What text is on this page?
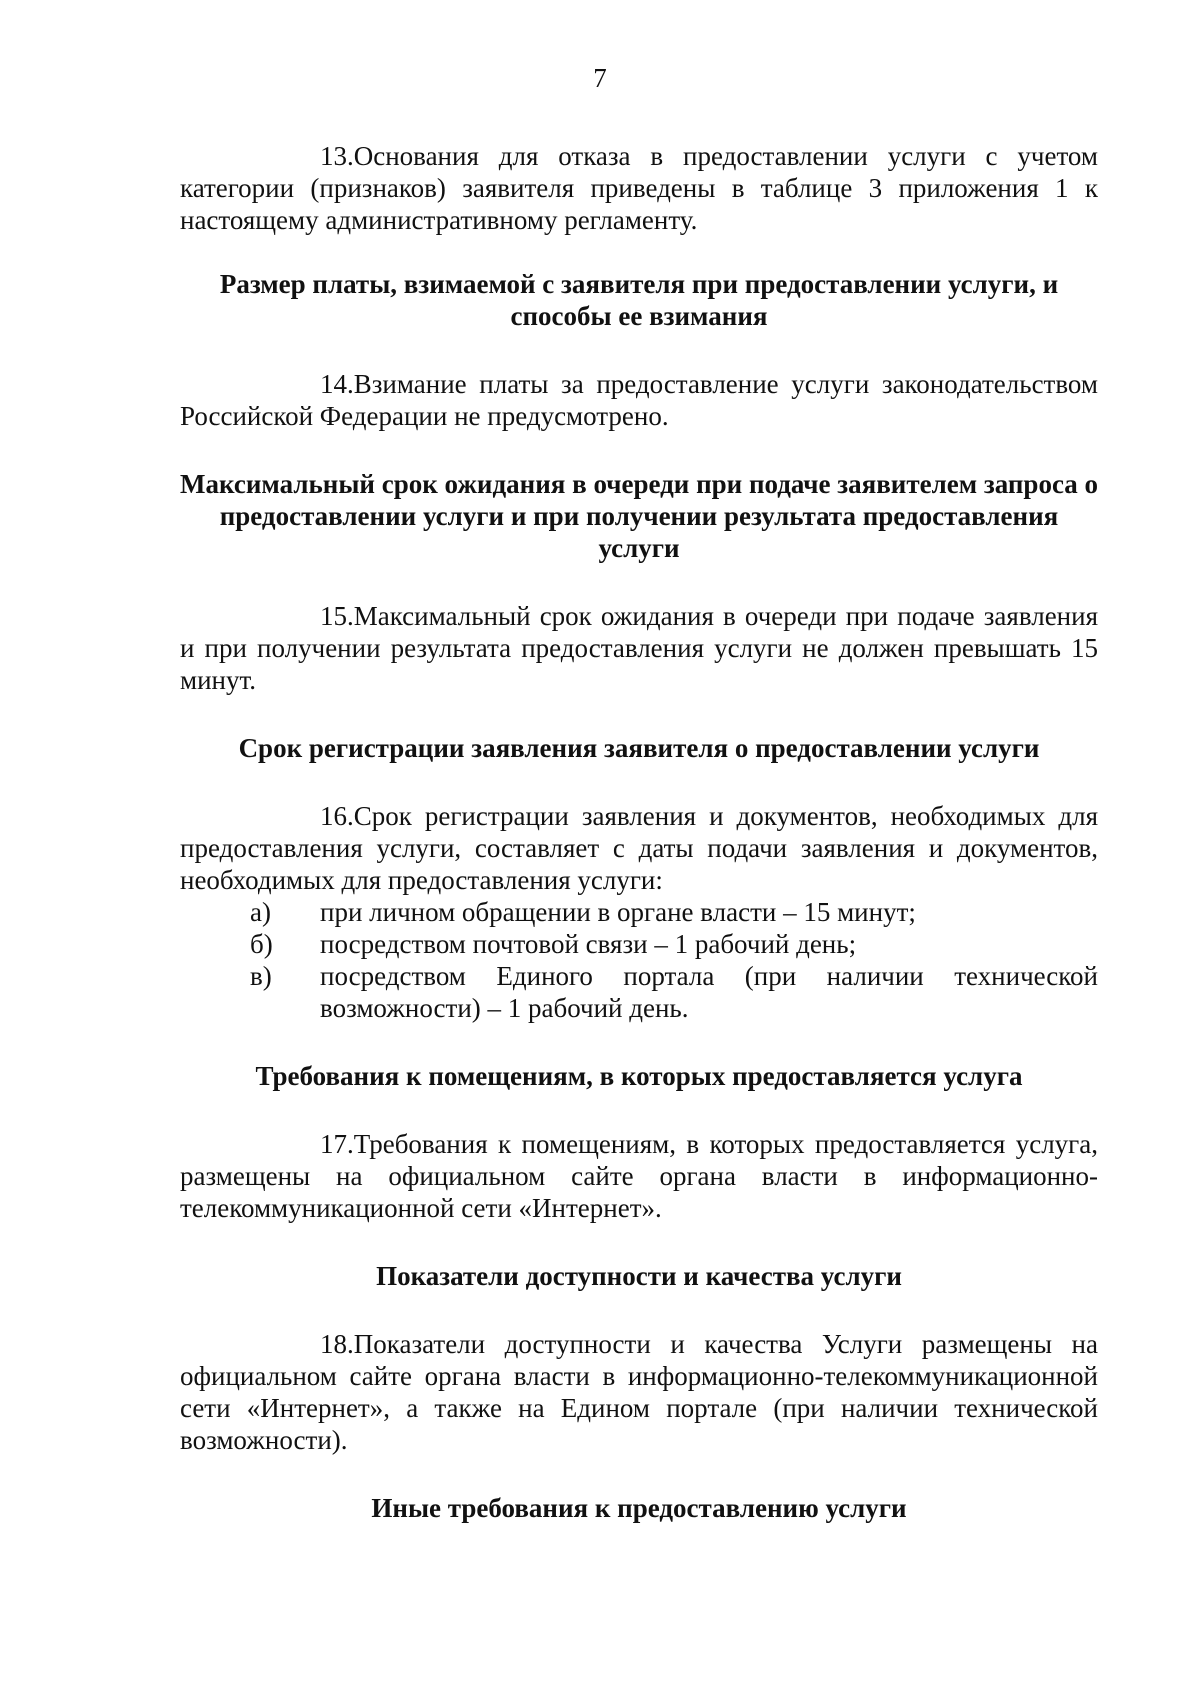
7

13.Основания для отказа в предоставлении услуги с учетом категории (признаков) заявителя приведены в таблице 3 приложения 1 к настоящему административному регламенту.

Размер платы, взимаемой с заявителя при предоставлении услуги, и способы ее взимания

14.Взимание платы за предоставление услуги законодательством Российской Федерации не предусмотрено.

Максимальный срок ожидания в очереди при подаче заявителем запроса о предоставлении услуги и при получении результата предоставления услуги

15.Максимальный срок ожидания в очереди при подаче заявления и при получении результата предоставления услуги не должен превышать 15 минут.

Срок регистрации заявления заявителя о предоставлении услуги

16.Срок регистрации заявления и документов, необходимых для предоставления услуги, составляет с даты подачи заявления и документов, необходимых для предоставления услуги:

а) при личном обращении в органе власти – 15 минут;

б) посредством почтовой связи – 1 рабочий день;

в) посредством Единого портала (при наличии технической возможности) – 1 рабочий день.

Требования к помещениям, в которых предоставляется услуга

17.Требования к помещениям, в которых предоставляется услуга, размещены на официальном сайте органа власти в информационно-телекоммуникационной сети «Интернет».

Показатели доступности и качества услуги

18.Показатели доступности и качества Услуги размещены на официальном сайте органа власти в информационно-телекоммуникационной сети «Интернет», а также на Едином портале (при наличии технической возможности).

Иные требования к предоставлению услуги
